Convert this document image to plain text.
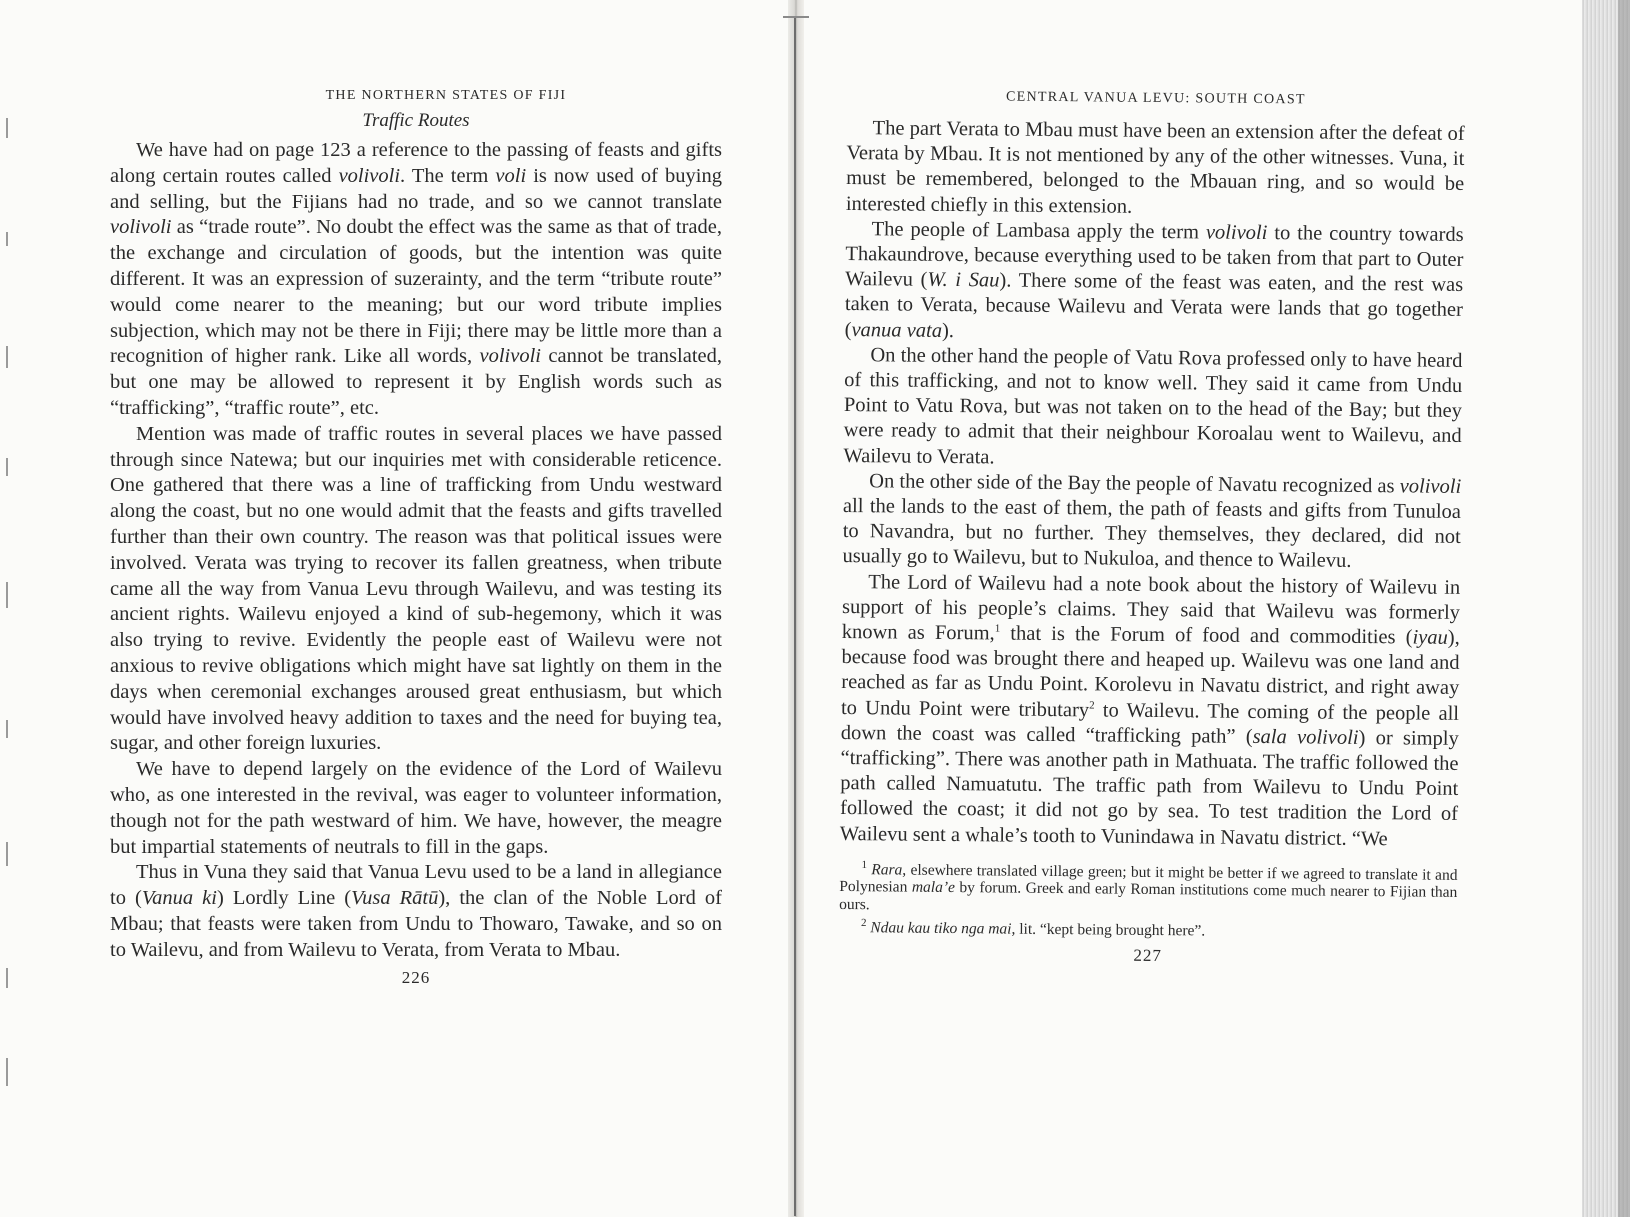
THE NORTHERN STATES OF FIJI
Traffic Routes

We have had on page 123 a reference to the passing of feasts and gifts along certain routes called volivoli. The term voli is now used of buying and selling, but the Fijians had no trade, and so we cannot translate volivoli as “trade route”. No doubt the effect was the same as that of trade, the exchange and circulation of goods, but the intention was quite different. It was an expression of suzerainty, and the term “tribute route” would come nearer to the meaning; but our word tribute implies subjection, which may not be there in Fiji; there may be little more than a recognition of higher rank. Like all words, volivoli cannot be translated, but one may be allowed to represent it by English words such as “trafficking”, “traffic route”, etc.

Mention was made of traffic routes in several places we have passed through since Natewa; but our inquiries met with considerable reticence. One gathered that there was a line of trafficking from Undu westward along the coast, but no one would admit that the feasts and gifts travelled further than their own country. The reason was that political issues were involved. Verata was trying to recover its fallen greatness, when tribute came all the way from Vanua Levu through Wailevu, and was testing its ancient rights. Wailevu enjoyed a kind of sub-hegemony, which it was also trying to revive. Evidently the people east of Wailevu were not anxious to revive obligations which might have sat lightly on them in the days when ceremonial exchanges aroused great enthusiasm, but which would have involved heavy addition to taxes and the need for buying tea, sugar, and other foreign luxuries.

We have to depend largely on the evidence of the Lord of Wailevu who, as one interested in the revival, was eager to volunteer information, though not for the path westward of him. We have, however, the meagre but impartial statements of neutrals to fill in the gaps.

Thus in Vuna they said that Vanua Levu used to be a land in allegiance to (Vanua ki) Lordly Line (Vusa Rātū), the clan of the Noble Lord of Mbau; that feasts were taken from Undu to Thowaro, Tawake, and so on to Wailevu, and from Wailevu to Verata, from Verata to Mbau.

226
CENTRAL VANUA LEVU: SOUTH COAST

The part Verata to Mbau must have been an extension after the defeat of Verata by Mbau. It is not mentioned by any of the other witnesses. Vuna, it must be remembered, belonged to the Mbauan ring, and so would be interested chiefly in this extension.

The people of Lambasa apply the term volivoli to the country towards Thakaundrove, because everything used to be taken from that part to Outer Wailevu (W. i Sau). There some of the feast was eaten, and the rest was taken to Verata, because Wailevu and Verata were lands that go together (vanua vata).

On the other hand the people of Vatu Rova professed only to have heard of this trafficking, and not to know well. They said it came from Undu Point to Vatu Rova, but was not taken on to the head of the Bay; but they were ready to admit that their neighbour Koroalau went to Wailevu, and Wailevu to Verata.

On the other side of the Bay the people of Navatu recognized as volivoli all the lands to the east of them, the path of feasts and gifts from Tunuloa to Navandra, but no further. They themselves, they declared, did not usually go to Wailevu, but to Nukuloa, and thence to Wailevu.

The Lord of Wailevu had a note book about the history of Wailevu in support of his people’s claims. They said that Wailevu was formerly known as Forum,$^1$ that is the Forum of food and commodities (iyau), because food was brought there and heaped up. Wailevu was one land and reached as far as Undu Point. Korolevu in Navatu district, and right away to Undu Point were tributary$^2$ to Wailevu. The coming of the people all down the coast was called “trafficking path” (sala volivoli) or simply “trafficking”. There was another path in Mathuata. The traffic followed the path called Namuatutu. The traffic path from Wailevu to Undu Point followed the coast; it did not go by sea. To test tradition the Lord of Wailevu sent a whale’s tooth to Vunindawa in Navatu district. “We

$^1$ Rara, elsewhere translated village green; but it might be better if we agreed to translate it and Polynesian mala’e by forum. Greek and early Roman institutions come much nearer to Fijian than ours.

$^2$ Ndau kau tiko nga mai, lit. “kept being brought here”.

227
